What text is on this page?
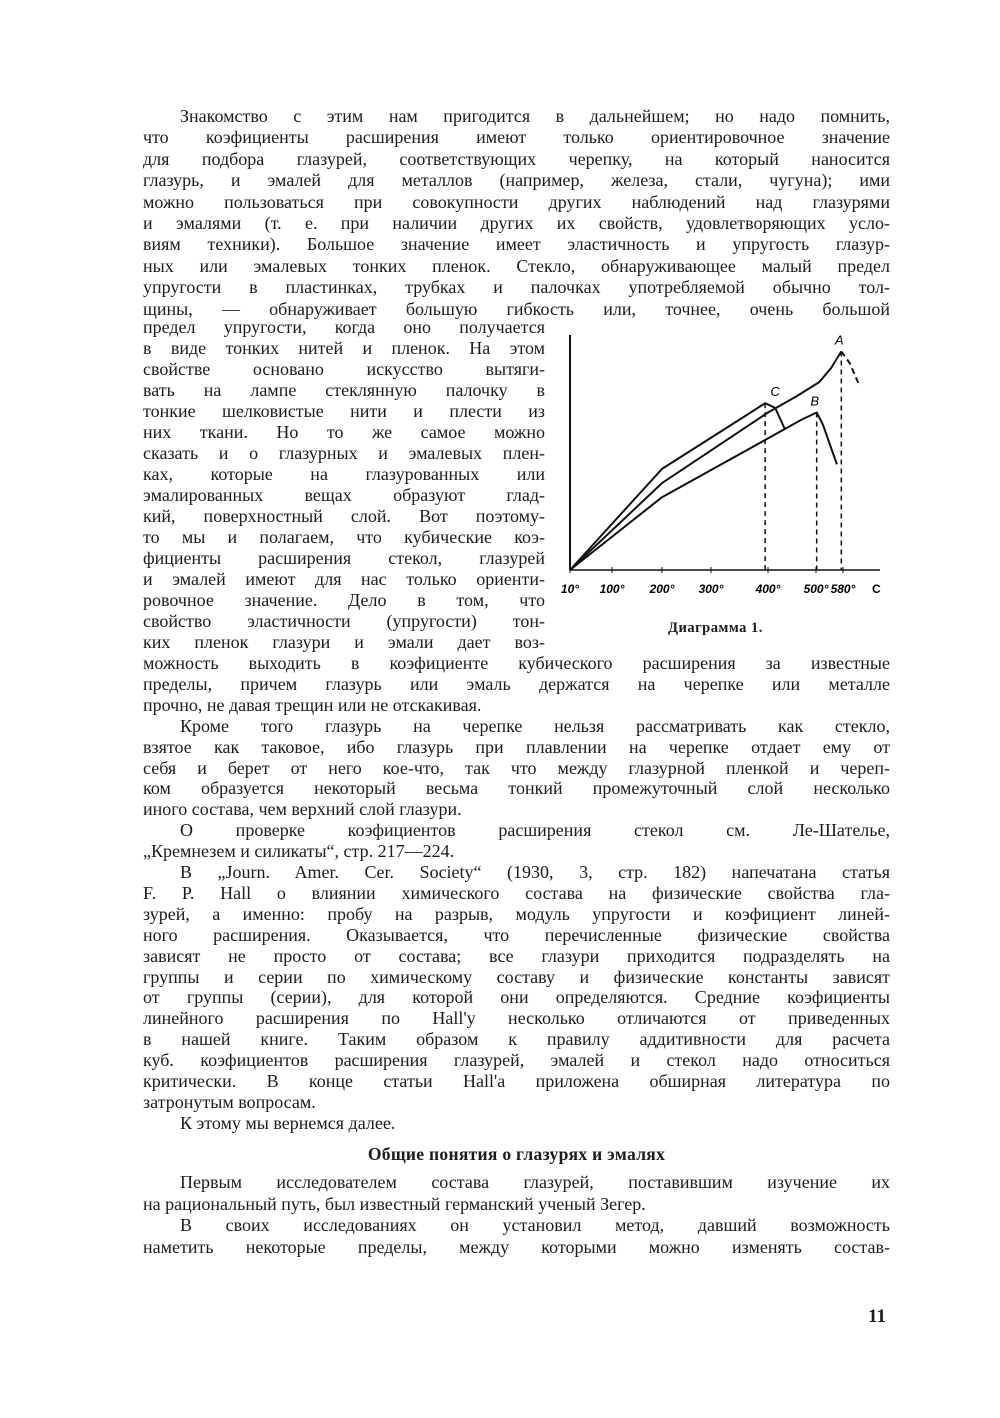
Знакомство с этим нам пригодится в дальнейшем; но надо помнить,
что коэфициенты расширения имеют только ориентировочное значение
для подбора глазурей, соответствующих черепку, на который наносится
глазурь, и эмалей для металлов (например, железа, стали, чугуна); ими
можно пользоваться при совокупности других наблюдений над глазурями
и эмалями (т. е. при наличии других их свойств, удовлетворяющих усло-
виям техники). Большое значение имеет эластичность и упругость глазур-
ных или эмалевых тонких пленок. Стекло, обнаруживающее малый предел
упругости в пластинках, трубках и палочках употребляемой обычно тол-
щины, — обнаруживает большую гибкость или, точнее, очень большой
предел упругости, когда оно получается
в виде тонких нитей и пленок. На этом
свойстве основано искусство вытяги-
вать на лампе стеклянную палочку в
тонкие шелковистые нити и плести из
них ткани. Но то же самое можно
сказать и о глазурных и эмалевых плен-
ках, которые на глазурованных или
эмалированных вещах образуют глад-
кий, поверхностный слой. Вот поэтому-
то мы и полагаем, что кубические коэ-
фициенты расширения стекол, глазурей
и эмалей имеют для нас только ориенти-
ровочное значение. Дело в том, что
свойство эластичности (упругости) тон-
ких пленок глазури и эмали дает воз-
можность выходить в коэфициенте кубического расширения за известные
пределы, причем глазурь или эмаль держатся на черепке или металле
прочно, не давая трещин или не отскакивая.
Кроме того глазурь на черепке нельзя рассматривать как стекло,
взятое как таковое, ибо глазурь при плавлении на черепке отдает ему от
себя и берет от него кое-что, так что между глазурной пленкой и череп-
ком образуется некоторый весьма тонкий промежуточный слой несколько
иного состава, чем верхний слой глазури.
О проверке коэфициентов расширения стекол см. Ле-Шателье,
„Кремнезем и силикаты“, стр. 217—224.
В „Journ. Amer. Cer. Society“ (1930, 3, стр. 182) напечатана статья
F. P. Hall о влиянии химического состава на физические свойства гла-
зурей, а именно: пробу на разрыв, модуль упругости и коэфициент линей-
ного расширения. Оказывается, что перечисленные физические свойства
зависят не просто от состава; все глазури приходится подразделять на
группы и серии по химическому составу и физические константы зависят
от группы (серии), для которой они определяются. Средние коэфициенты
линейного расширения по Hall'y несколько отличаются от приведенных
в нашей книге. Таким образом к правилу аддитивности для расчета
куб. коэфициентов расширения глазурей, эмалей и стекол надо относиться
критически. В конце статьи Hall'a приложена обширная литература по
затронутым вопросам.
К этому мы вернемся далее.
Первым исследователем состава глазурей, поставившим изучение их
на рациональный путь, был известный германский ученый Зегер.
В своих исследованиях он установил метод, давший возможность
наметить некоторые пределы, между которыми можно изменять состав-
Общие понятия о глазурях и эмалях
10° 100° 200° 300°	400° 500° 580° C
A
B
C
Диаграмма 1.
11
